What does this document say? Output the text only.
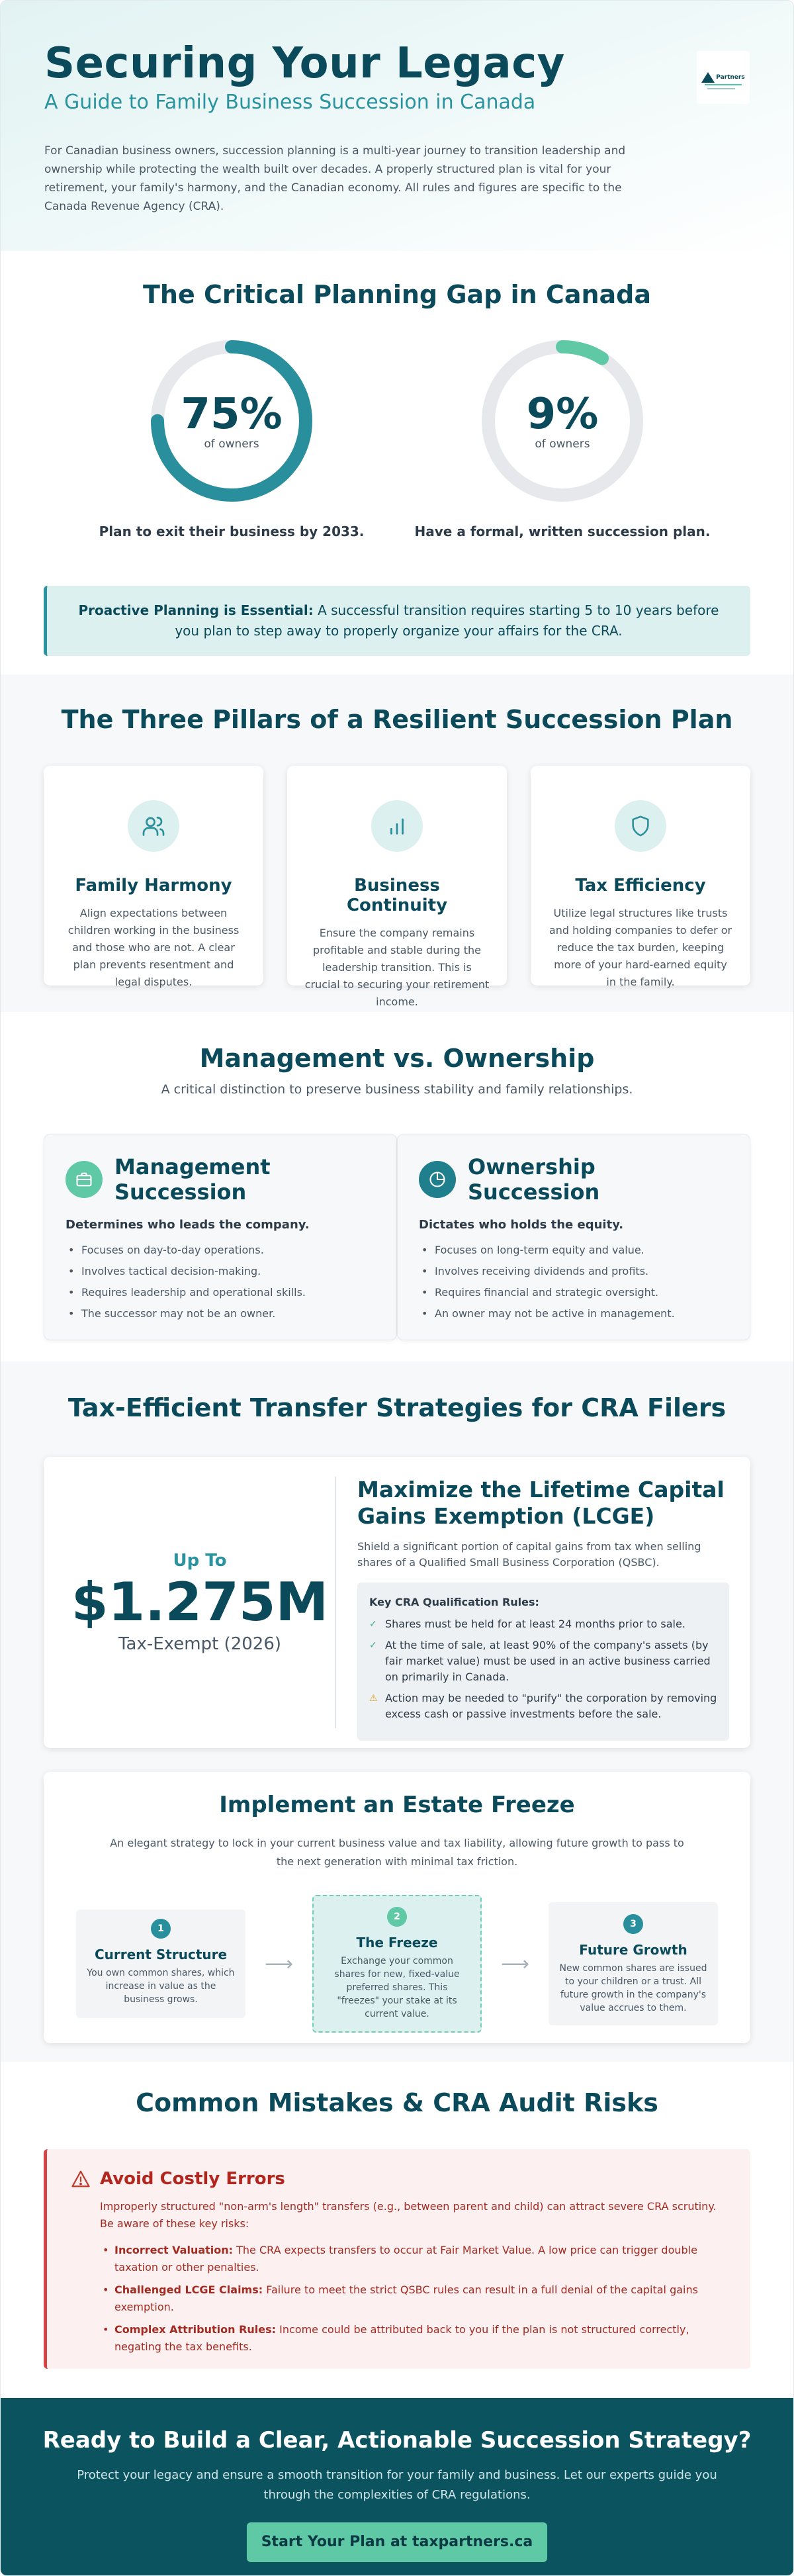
Securing Your Legacy
A Guide to Family Business Succession in Canada

For Canadian business owners, succession planning is a multi-year journey to transition leadership and ownership while protecting the wealth built over decades. A properly structured plan is vital for your retirement, your family's harmony, and the Canadian economy. All rules and figures are specific to the Canada Revenue Agency (CRA).

Partners
The Critical Planning Gap in Canada
75%
of owners
Plan to exit their business by 2033.
9%
of owners
Have a formal, written succession plan.
Proactive Planning is Essential: A successful transition requires starting 5 to 10 years before you plan to step away to properly organize your affairs for the CRA.
The Three Pillars of a Resilient Succession Plan
Family Harmony

Align expectations between children working in the business and those who are not. A clear plan prevents resentment and legal disputes.

Business Continuity

Ensure the company remains profitable and stable during the leadership transition. This is crucial to securing your retirement income.

Tax Efficiency

Utilize legal structures like trusts and holding companies to defer or reduce the tax burden, keeping more of your hard-earned equity in the family.

Management vs. Ownership

A critical distinction to preserve business stability and family relationships.

Management Succession
Determines who leads the company.
• Focuses on day-to-day operations.
• Involves tactical decision-making.
• Requires leadership and operational skills.
• The successor may not be an owner.
Ownership Succession
Dictates who holds the equity.
• Focuses on long-term equity and value.
• Involves receiving dividends and profits.
• Requires financial and strategic oversight.
• An owner may not be active in management.
Tax-Efficient Transfer Strategies for CRA Filers
Up To
$1.275M
Tax-Exempt (2026)
Maximize the Lifetime Capital Gains Exemption (LCGE)

Shield a significant portion of capital gains from tax when selling shares of a Qualified Small Business Corporation (QSBC).

Key CRA Qualification Rules:
✓ Shares must be held for at least 24 months prior to sale.
✓ At the time of sale, at least 90% of the company's assets (by fair market value) must be used in an active business carried on primarily in Canada.
⚠ Action may be needed to "purify" the corporation by removing excess cash or passive investments before the sale.
Implement an Estate Freeze

An elegant strategy to lock in your current business value and tax liability, allowing future growth to pass to the next generation with minimal tax friction.

1
Current Structure

You own common shares, which increase in value as the business grows.

⟶
2
The Freeze

Exchange your common shares for new, fixed-value preferred shares. This "freezes" your stake at its current value.

⟶
3
Future Growth

New common shares are issued to your children or a trust. All future growth in the company's value accrues to them.

Common Mistakes & CRA Audit Risks
Avoid Costly Errors

Improperly structured "non-arm's length" transfers (e.g., between parent and child) can attract severe CRA scrutiny. Be aware of these key risks:

• Incorrect Valuation: The CRA expects transfers to occur at Fair Market Value. A low price can trigger double taxation or other penalties.
• Challenged LCGE Claims: Failure to meet the strict QSBC rules can result in a full denial of the capital gains exemption.
• Complex Attribution Rules: Income could be attributed back to you if the plan is not structured correctly, negating the tax benefits.
Ready to Build a Clear, Actionable Succession Strategy?

Protect your legacy and ensure a smooth transition for your family and business. Let our experts guide you through the complexities of CRA regulations.

Start Your Plan at taxpartners.ca
